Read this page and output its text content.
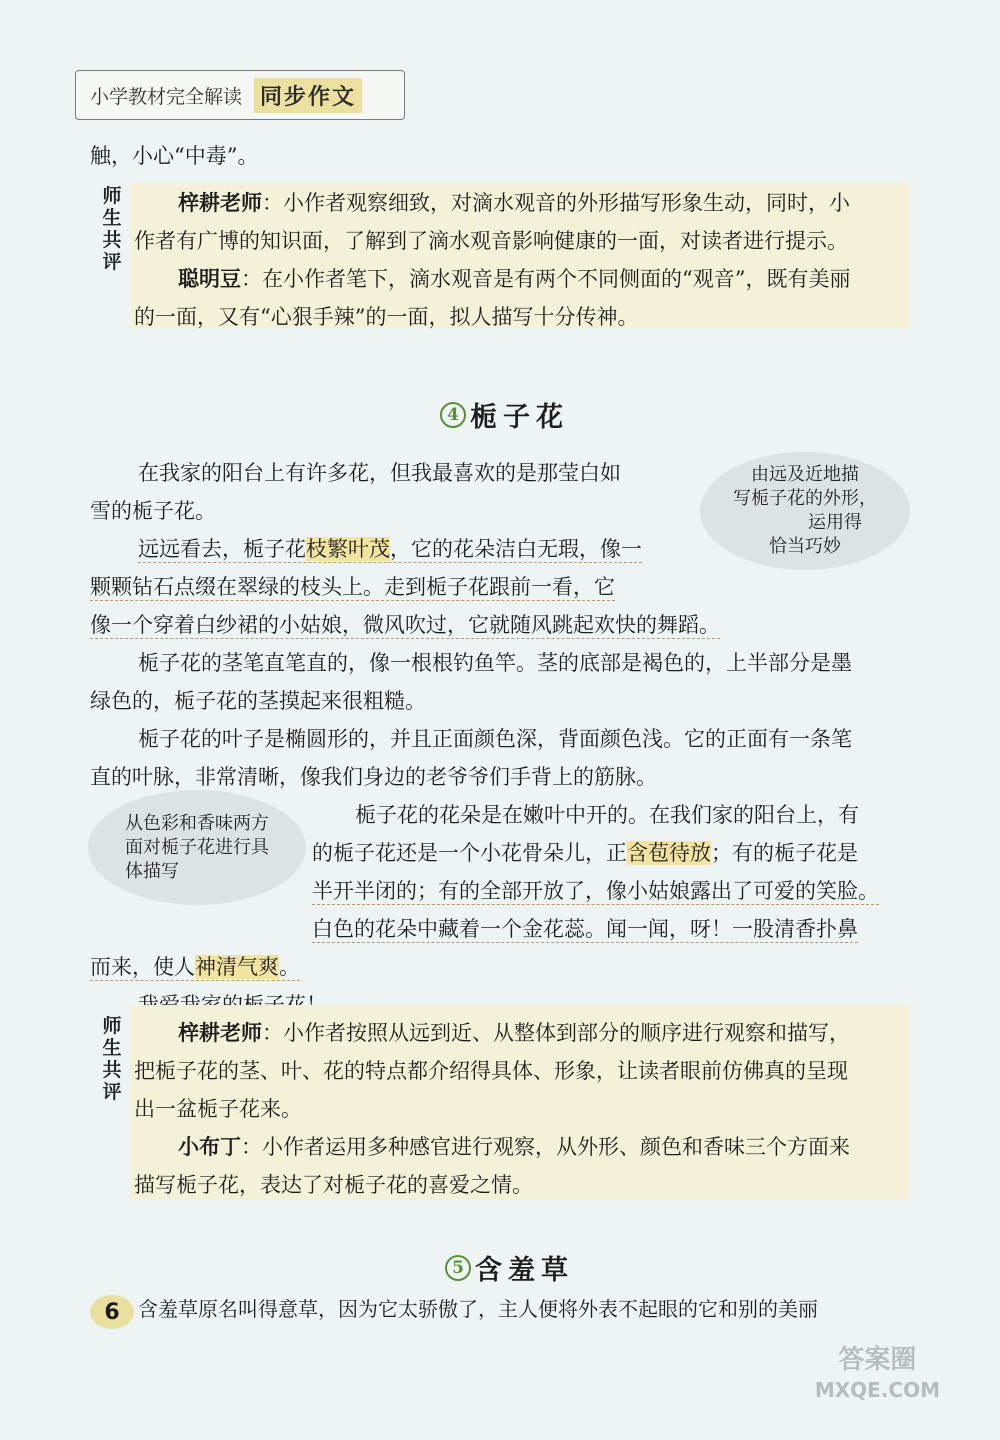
小学教材完全解读 同步作文
触，小心“中毒”。
师
生
共
评
梓耕老师：小作者观察细致，对滴水观音的外形描写形象生动，同时，小
作者有广博的知识面，了解到了滴水观音影响健康的一面，对读者进行提示。
聪明豆：在小作者笔下，滴水观音是有两个不同侧面的“观音”，既有美丽
的一面，又有“心狠手辣”的一面，拟人描写十分传神。
4 栀子花
在我家的阳台上有许多花，但我最喜欢的是那莹白如
雪的栀子花。
远远看去，栀子花枝繁叶茂，它的花朵洁白无瑕，像一
颗颗钻石点缀在翠绿的枝头上。走到栀子花跟前一看，它
像一个穿着白纱裙的小姑娘，微风吹过，它就随风跳起欢快的舞蹈。
栀子花的茎笔直笔直的，像一根根钓鱼竿。茎的底部是褐色的，上半部分是墨
绿色的，栀子花的茎摸起来很粗糙。
栀子花的叶子是椭圆形的，并且正面颜色深，背面颜色浅。它的正面有一条笔
直的叶脉，非常清晰，像我们身边的老爷爷们手背上的筋脉。
栀子花的花朵是在嫩叶中开的。在我们家的阳台上，有
的栀子花还是一个小花骨朵儿，正含苞待放；有的栀子花是
半开半闭的；有的全部开放了，像小姑娘露出了可爱的笑脸。
白色的花朵中藏着一个金花蕊。闻一闻，呀！一股清香扑鼻
而来，使人神清气爽。
由远及近地描
写栀子花的外形，
运用得
恰当巧妙
从色彩和香味两方
面对栀子花进行具
体描写
师
生
共
评
梓耕老师：小作者按照从远到近、从整体到部分的顺序进行观察和描写，
把栀子花的茎、叶、花的特点都介绍得具体、形象，让读者眼前仿佛真的呈现
出一盆栀子花来。
小布丁：小作者运用多种感官进行观察，从外形、颜色和香味三个方面来
描写栀子花，表达了对栀子花的喜爱之情。
5 含羞草
含羞草原名叫得意草，因为它太骄傲了，主人便将外表不起眼的它和别的美丽
6
答案圈
MXQE.COM
